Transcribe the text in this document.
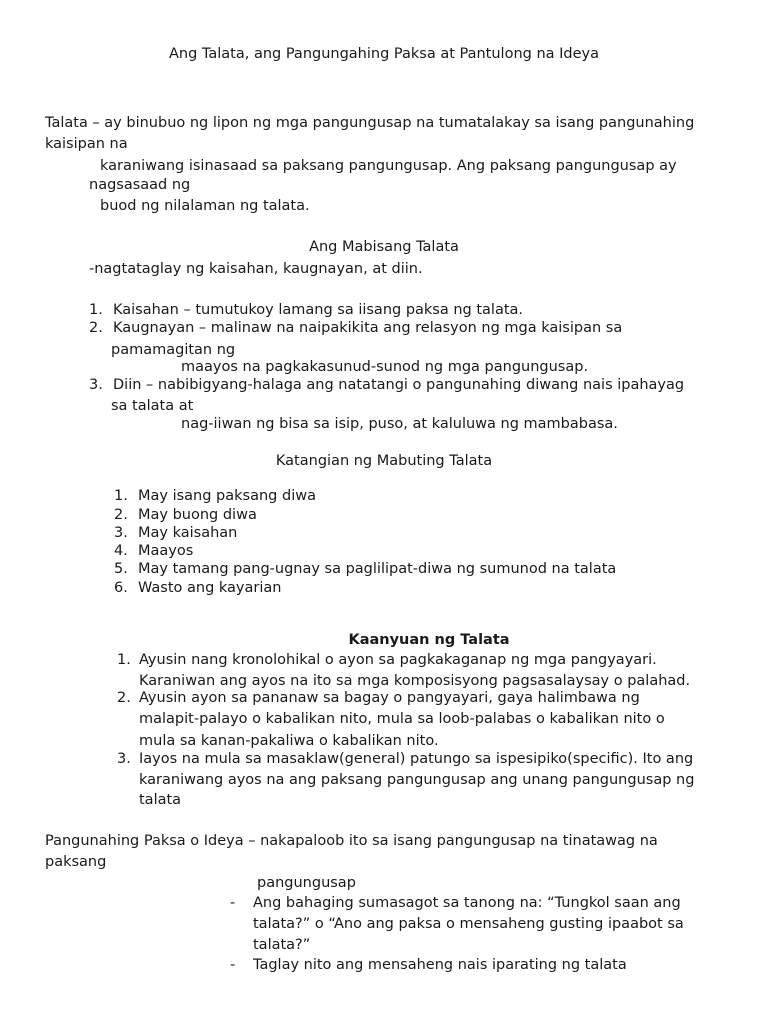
Ang Talata, ang Pangungahing Paksa at Pantulong na Ideya
Talata – ay binubuo ng lipon ng mga pangungusap na tumatalakay sa isang pangunahing
kaisipan na
karaniwang isinasaad sa paksang pangungusap. Ang paksang pangungusap ay
nagsasaad ng
buod ng nilalaman ng talata.
Ang Mabisang Talata
-nagtataglay ng kaisahan, kaugnayan, at diin.
1. Kaisahan – tumutukoy lamang sa iisang paksa ng talata.
2. Kaugnayan – malinaw na naipakikita ang relasyon ng mga kaisipan sa
pamamagitan ng
maayos na pagkakasunud-sunod ng mga pangungusap.
3. Diin – nabibigyang-halaga ang natatangi o pangunahing diwang nais ipahayag
sa talata at
nag-iiwan ng bisa sa isip, puso, at kaluluwa ng mambabasa.
Katangian ng Mabuting Talata
1. May isang paksang diwa
2. May buong diwa
3. May kaisahan
4. Maayos
5. May tamang pang-ugnay sa paglilipat-diwa ng sumunod na talata
6. Wasto ang kayarian
Kaanyuan ng Talata
1. Ayusin nang kronolohikal o ayon sa pagkakaganap ng mga pangyayari.
Karaniwan ang ayos na ito sa mga komposisyong pagsasalaysay o palahad.
2. Ayusin ayon sa pananaw sa bagay o pangyayari, gaya halimbawa ng
malapit-palayo o kabalikan nito, mula sa loob-palabas o kabalikan nito o
mula sa kanan-pakaliwa o kabalikan nito.
3. Iayos na mula sa masaklaw(general) patungo sa ispesipiko(specific). Ito ang
karaniwang ayos na ang paksang pangungusap ang unang pangungusap ng
talata
Pangunahing Paksa o Ideya – nakapaloob ito sa isang pangungusap na tinatawag na
paksang
pangungusap
- Ang bahaging sumasagot sa tanong na: “Tungkol saan ang
talata?” o “Ano ang paksa o mensaheng gusting ipaabot sa
talata?”
- Taglay nito ang mensaheng nais iparating ng talata
